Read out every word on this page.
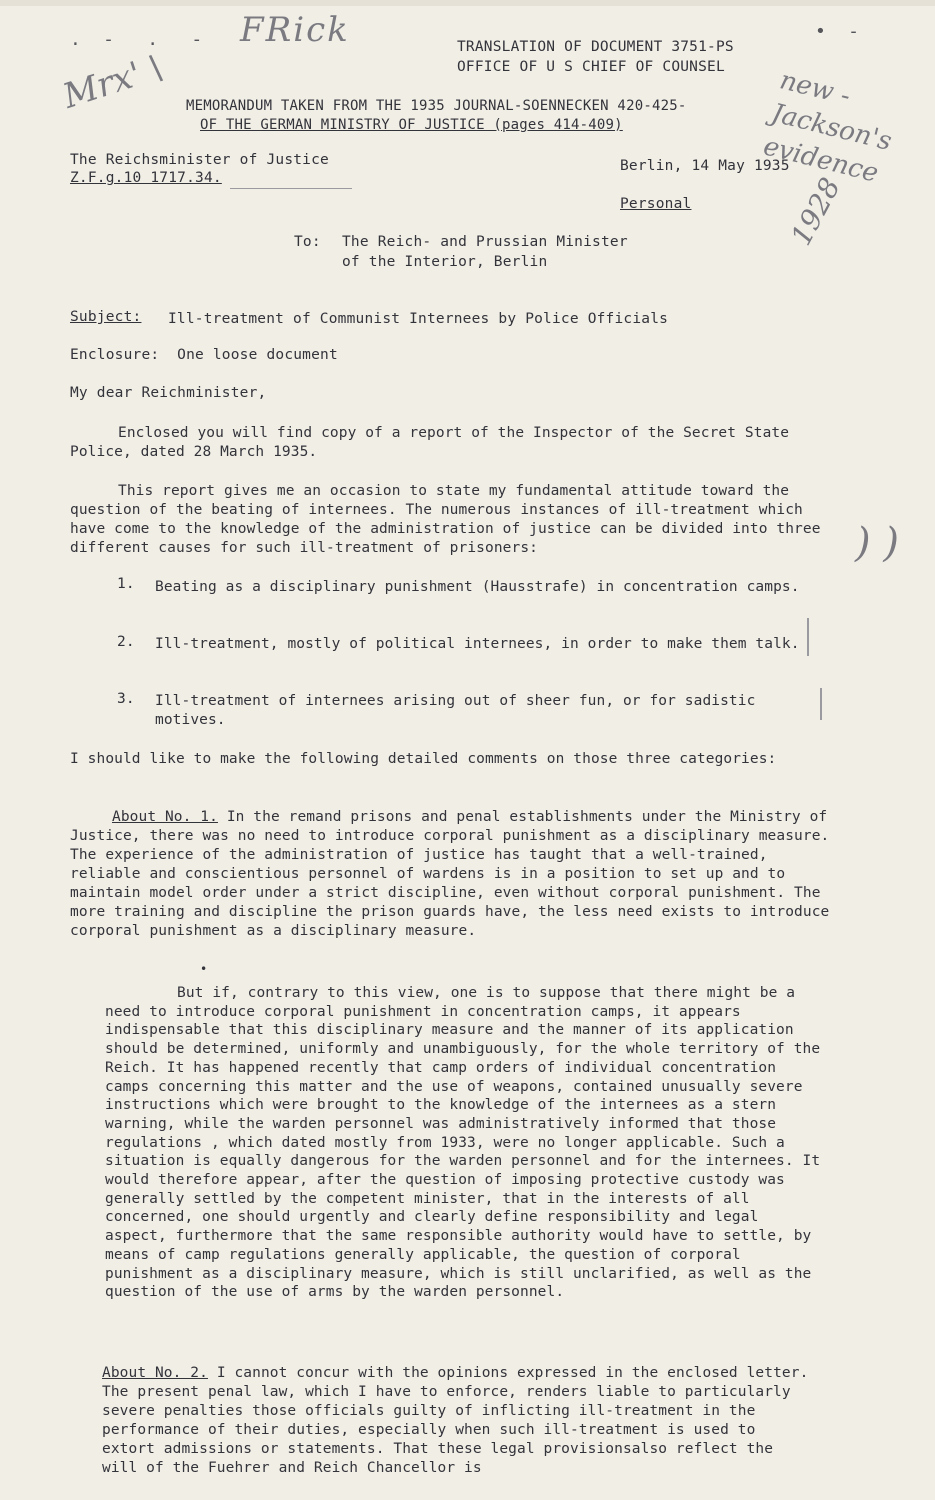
FRick
Mrx' \
.  -   .   -	•  -
new - Jackson's evidence
1928
TRANSLATION OF DOCUMENT 3751-PS
OFFICE OF U S CHIEF OF COUNSEL
MEMORANDUM TAKEN FROM THE 1935 JOURNAL-SOENNECKEN 420-425-
OF THE GERMAN MINISTRY OF JUSTICE (pages 414-409)
The Reichsminister of Justice
Z.F.g.10 1717.34.
Berlin, 14 May 1935
Personal
To: The Reich- and Prussian Minister
of the Interior, Berlin
Subject: Ill-treatment of Communist Internees by Police Officials
Enclosure:  One loose document
My dear Reichminister,
Enclosed you will find copy of a report of the Inspector of the Secret State Police, dated 28 March 1935.
This report gives me an occasion to state my fundamental attitude toward the question of the beating of internees. The numerous instances of ill-treatment which have come to the knowledge of the administration of justice can be divided into three different causes for such ill-treatment of prisoners:
1. Beating as a disciplinary punishment (Hausstrafe) in concentration camps.
2. Ill-treatment, mostly of political internees, in order to make them talk.
3. Ill-treatment of internees arising out of sheer fun, or for sadistic motives.
) )
I should like to make the following detailed comments on those three categories:
About No. 1. In the remand prisons and penal establishments under the Ministry of Justice, there was no need to introduce corporal punishment as a disciplinary measure. The experience of the administration of justice has taught that a well-trained, reliable and conscientious personnel of wardens is in a position to set up and to maintain model order under a strict discipline, even without corporal punishment. The more training and discipline the prison guards have, the less need exists to introduce corporal punishment as a disciplinary measure.
•
But if, contrary to this view, one is to suppose that there might be a need to introduce corporal punishment in concentration camps, it appears indispensable that this disciplinary measure and the manner of its application should be determined, uniformly and unambiguously, for the whole territory of the Reich. It has happened recently that camp orders of individual concentration camps concerning this matter and the use of weapons, contained unusually severe instructions which were brought to the knowledge of the internees as a stern warning, while the warden personnel was administratively informed that those regulations , which dated mostly from 1933, were no longer applicable. Such a situation is equally dangerous for the warden personnel and for the internees. It would therefore appear, after the question of imposing protective custody was generally settled by the competent minister, that in the interests of all concerned, one should urgently and clearly define responsibility and legal aspect, furthermore that the same responsible authority would have to settle, by means of camp regulations generally applicable, the question of corporal punishment as a disciplinary measure, which is still unclarified, as well as the question of the use of arms by the warden personnel.
About No. 2. I cannot concur with the opinions expressed in the enclosed letter. The present penal law, which I have to enforce, renders liable to particularly severe penalties those officials guilty of inflicting ill-treatment in the performance of their duties, especially when such ill-treatment is used to extort admissions or statements. That these legal provisionsalso reflect the will of the Fuehrer and Reich Chancellor is
